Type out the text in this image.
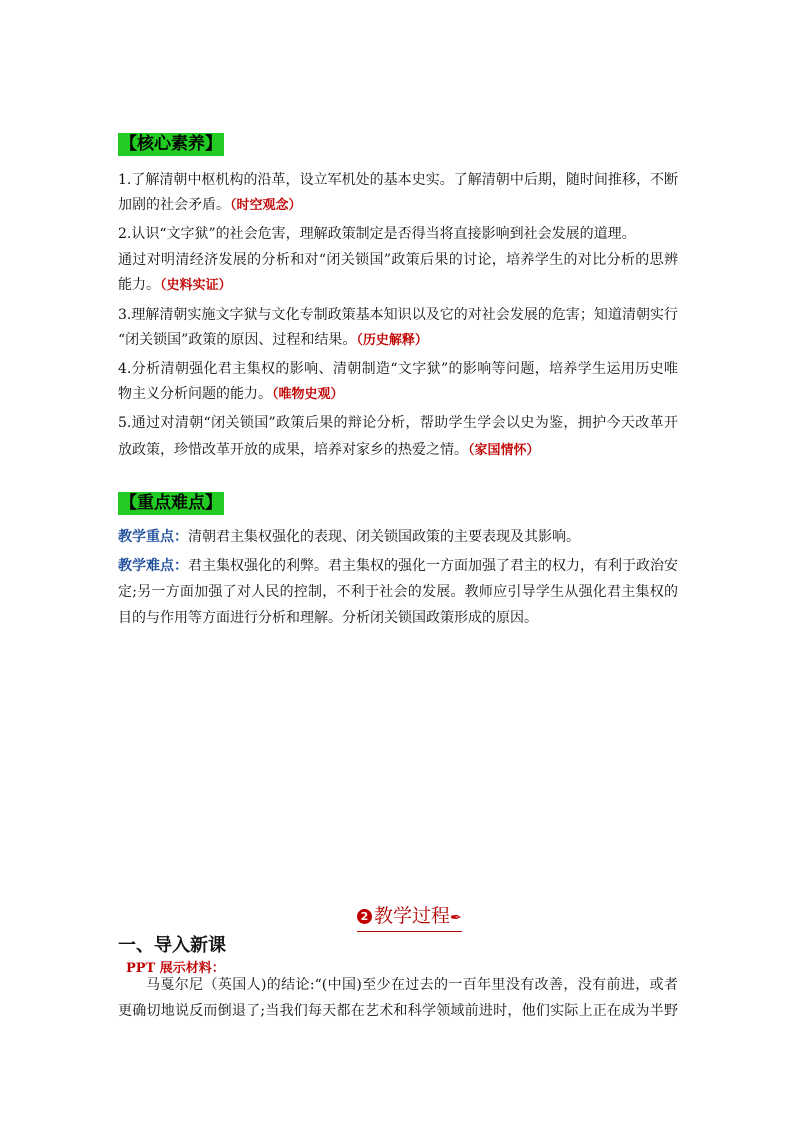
【核心素养】
1.了解清朝中枢机构的沿革，设立军机处的基本史实。了解清朝中后期，随时间推移，不断
加剧的社会矛盾。（时空观念）
2.认识“文字狱”的社会危害，理解政策制定是否得当将直接影响到社会发展的道理。
通过对明清经济发展的分析和对“闭关锁国”政策后果的讨论，培养学生的对比分析的思辨
能力。（史料实证）
3.理解清朝实施文字狱与文化专制政策基本知识以及它的对社会发展的危害；知道清朝实行
“闭关锁国”政策的原因、过程和结果。（历史解释）
4.分析清朝强化君主集权的影响、清朝制造“文字狱”的影响等问题，培养学生运用历史唯
物主义分析问题的能力。（唯物史观）
5.通过对清朝“闭关锁国”政策后果的辩论分析，帮助学生学会以史为鉴，拥护今天改革开
放政策，珍惜改革开放的成果，培养对家乡的热爱之情。（家国情怀）
【重点难点】
教学重点：清朝君主集权强化的表现、闭关锁国政策的主要表现及其影响。
教学难点：君主集权强化的利弊。君主集权的强化一方面加强了君主的权力，有利于政治安
定;另一方面加强了对人民的控制，不利于社会的发展。教师应引导学生从强化君主集权的
目的与作用等方面进行分析和理解。分析闭关锁国政策形成的原因。
2 教学过程✒
一、导入新课
PPT 展示材料：
马戛尔尼（英国人)的结论:“(中国)至少在过去的一百年里没有改善，没有前进，或者
更确切地说反而倒退了;当我们每天都在艺术和科学领域前进时，他们实际上正在成为半野
